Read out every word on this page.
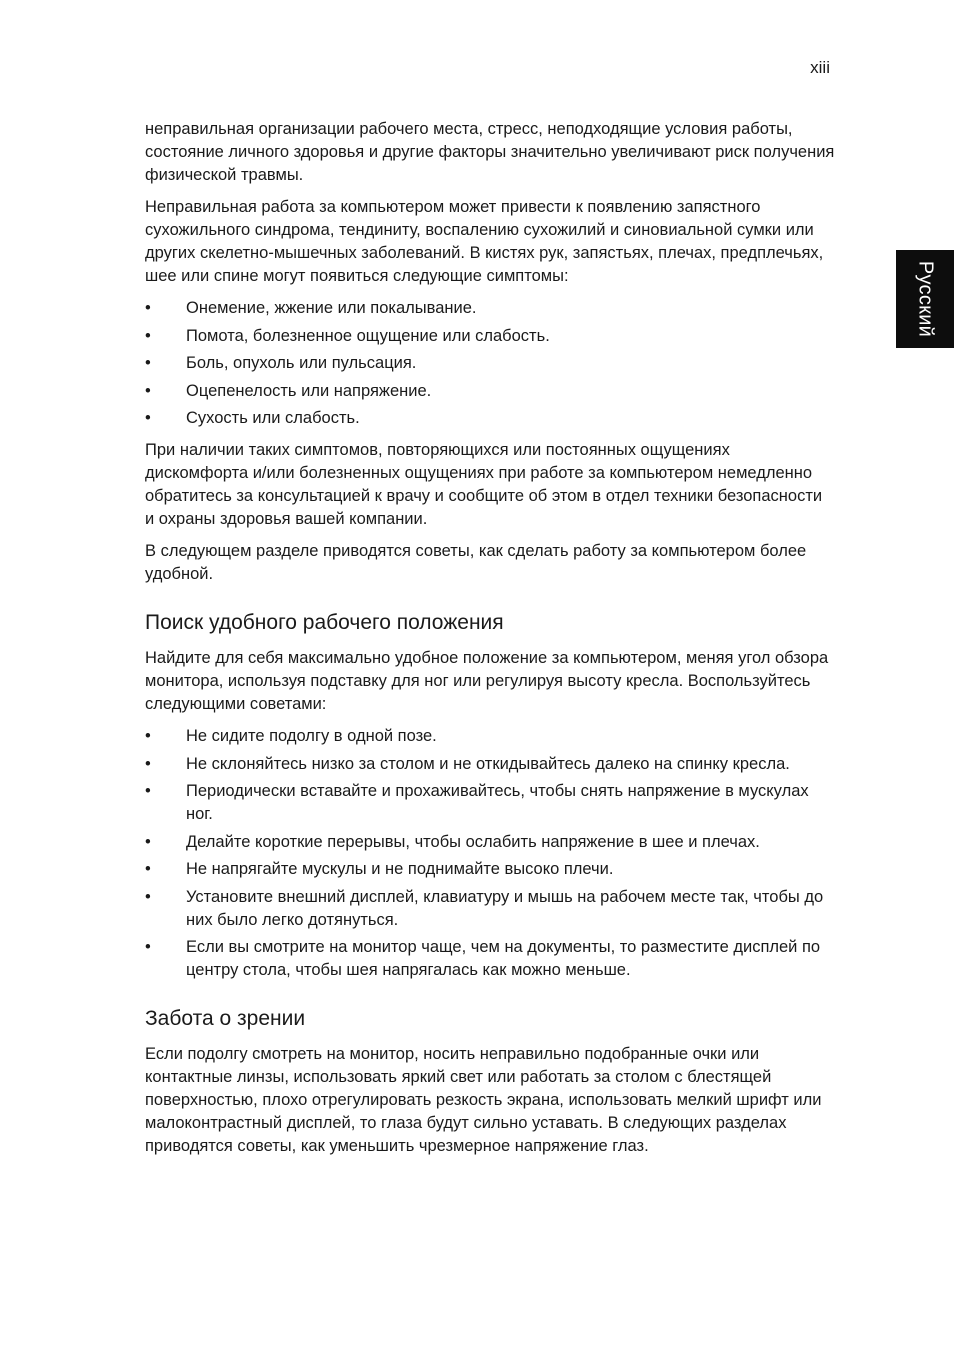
xiii
Русский

неправильная организации рабочего места, стресс, неподходящие условия работы, состояние личного здоровья и другие факторы значительно увеличивают риск получения физической травмы.

Неправильная работа за компьютером может привести к появлению запястного сухожильного синдрома, тендиниту, воспалению сухожилий и синовиальной сумки или других скелетно-мышечных заболеваний. В кистях рук, запястьях, плечах, предплечьях, шее или спине могут появиться следующие симптомы:

• Онемение, жжение или покалывание.
• Помота, болезненное ощущение или слабость.
• Боль, опухоль или пульсация.
• Оцепенелость или напряжение.
• Сухость или слабость.

При наличии таких симптомов, повторяющихся или постоянных ощущениях дискомфорта и/или болезненных ощущениях при работе за компьютером немедленно обратитесь за консультацией к врачу и сообщите об этом в отдел техники безопасности и охраны здоровья вашей компании.

В следующем разделе приводятся советы, как сделать работу за компьютером более удобной.

Поиск удобного рабочего положения

Найдите для себя максимально удобное положение за компьютером, меняя угол обзора монитора, используя подставку для ног или регулируя высоту кресла. Воспользуйтесь следующими советами:

• Не сидите подолгу в одной позе.
• Не склоняйтесь низко за столом и не откидывайтесь далеко на спинку кресла.
• Периодически вставайте и прохаживайтесь, чтобы снять напряжение в мускулах ног.
• Делайте короткие перерывы, чтобы ослабить напряжение в шее и плечах.
• Не напрягайте мускулы и не поднимайте высоко плечи.
• Установите внешний дисплей, клавиатуру и мышь на рабочем месте так, чтобы до них было легко дотянуться.
• Если вы смотрите на монитор чаще, чем на документы, то разместите дисплей по центру стола, чтобы шея напрягалась как можно меньше.
Забота о зрении

Если подолгу смотреть на монитор, носить неправильно подобранные очки или контактные линзы, использовать яркий свет или работать за столом с блестящей поверхностью, плохо отрегулировать резкость экрана, использовать мелкий шрифт или малоконтрастный дисплей, то глаза будут сильно уставать. В следующих разделах приводятся советы, как уменьшить чрезмерное напряжение глаз.
